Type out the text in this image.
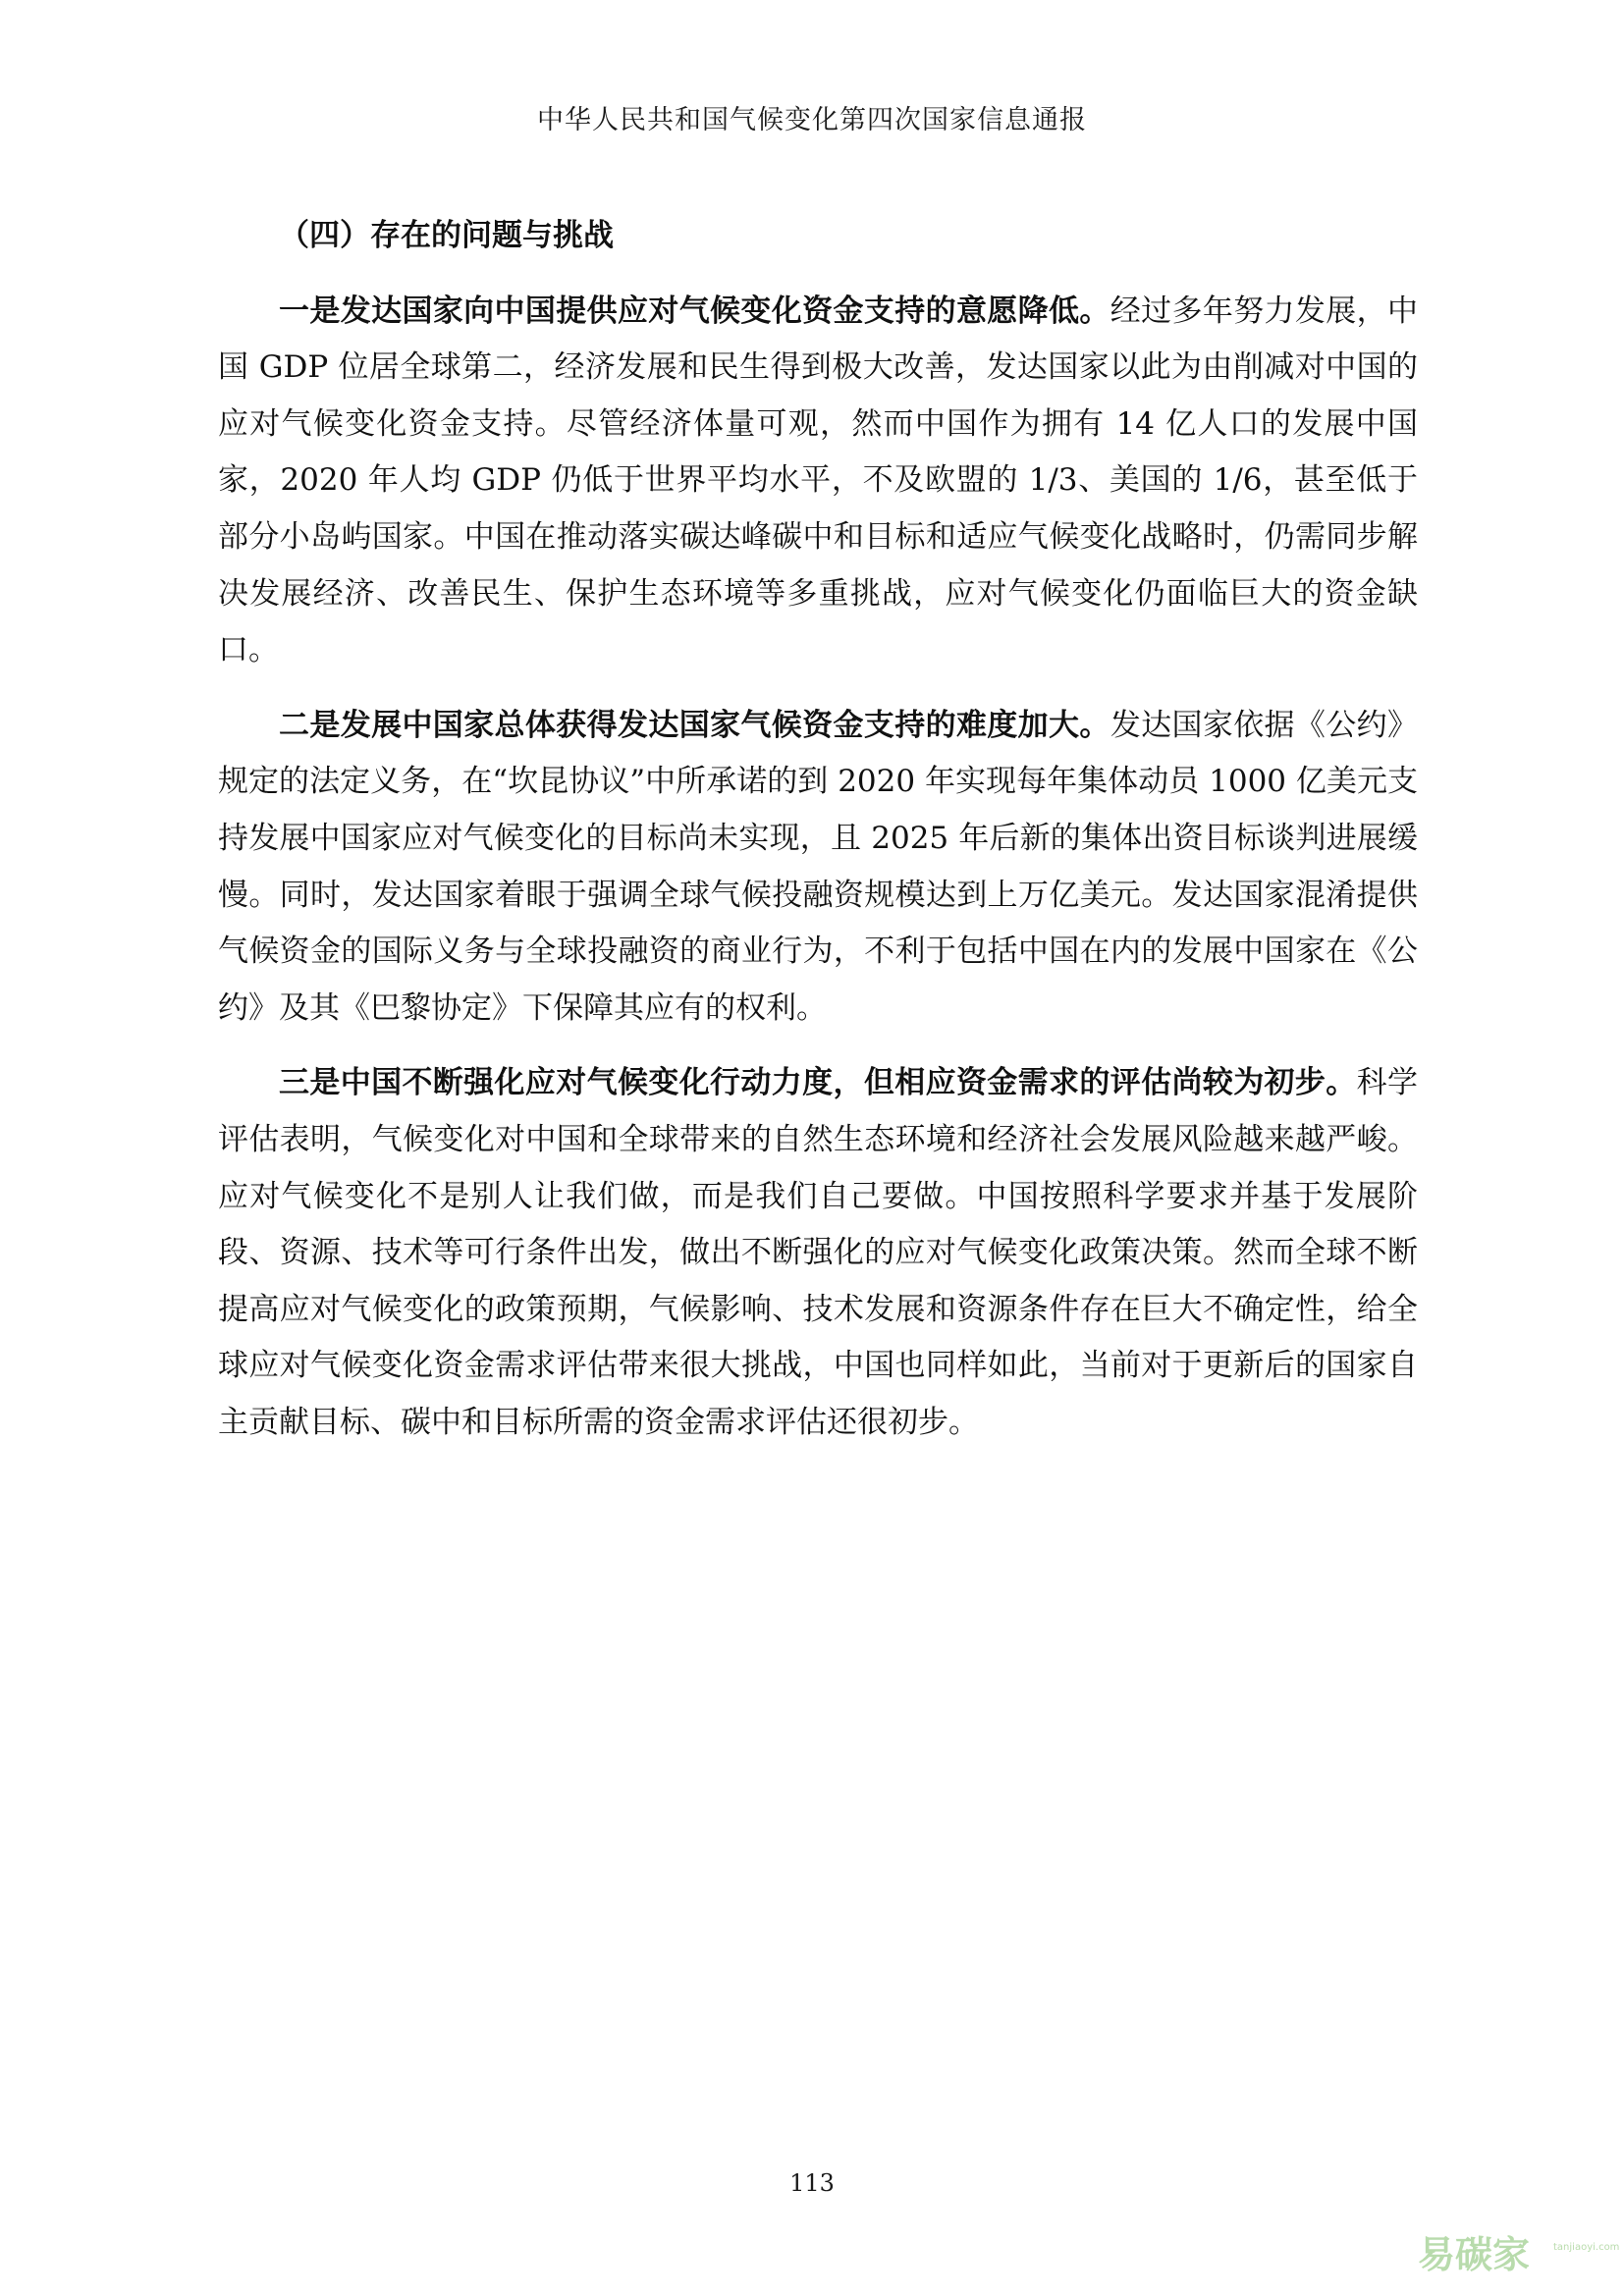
中华人民共和国气候变化第四次国家信息通报
（四）存在的问题与挑战

一是发达国家向中国提供应对气候变化资金支持的意愿降低。经过多年努力发展，中国 GDP 位居全球第二，经济发展和民生得到极大改善，发达国家以此为由削减对中国的应对气候变化资金支持。尽管经济体量可观，然而中国作为拥有 14 亿人口的发展中国家，2020 年人均 GDP 仍低于世界平均水平，不及欧盟的 1/3、美国的 1/6，甚至低于部分小岛屿国家。中国在推动落实碳达峰碳中和目标和适应气候变化战略时，仍需同步解决发展经济、改善民生、保护生态环境等多重挑战，应对气候变化仍面临巨大的资金缺口。

二是发展中国家总体获得发达国家气候资金支持的难度加大。发达国家依据《公约》规定的法定义务，在“坎昆协议”中所承诺的到 2020 年实现每年集体动员 1000 亿美元支持发展中国家应对气候变化的目标尚未实现，且 2025 年后新的集体出资目标谈判进展缓慢。同时，发达国家着眼于强调全球气候投融资规模达到上万亿美元。发达国家混淆提供气候资金的国际义务与全球投融资的商业行为，不利于包括中国在内的发展中国家在《公约》及其《巴黎协定》下保障其应有的权利。

三是中国不断强化应对气候变化行动力度，但相应资金需求的评估尚较为初步。科学评估表明，气候变化对中国和全球带来的自然生态环境和经济社会发展风险越来越严峻。应对气候变化不是别人让我们做，而是我们自己要做。中国按照科学要求并基于发展阶段、资源、技术等可行条件出发，做出不断强化的应对气候变化政策决策。然而全球不断提高应对气候变化的政策预期，气候影响、技术发展和资源条件存在巨大不确定性，给全球应对气候变化资金需求评估带来很大挑战，中国也同样如此，当前对于更新后的国家自主贡献目标、碳中和目标所需的资金需求评估还很初步。

113
易碳家 tanjiaoyi.com
